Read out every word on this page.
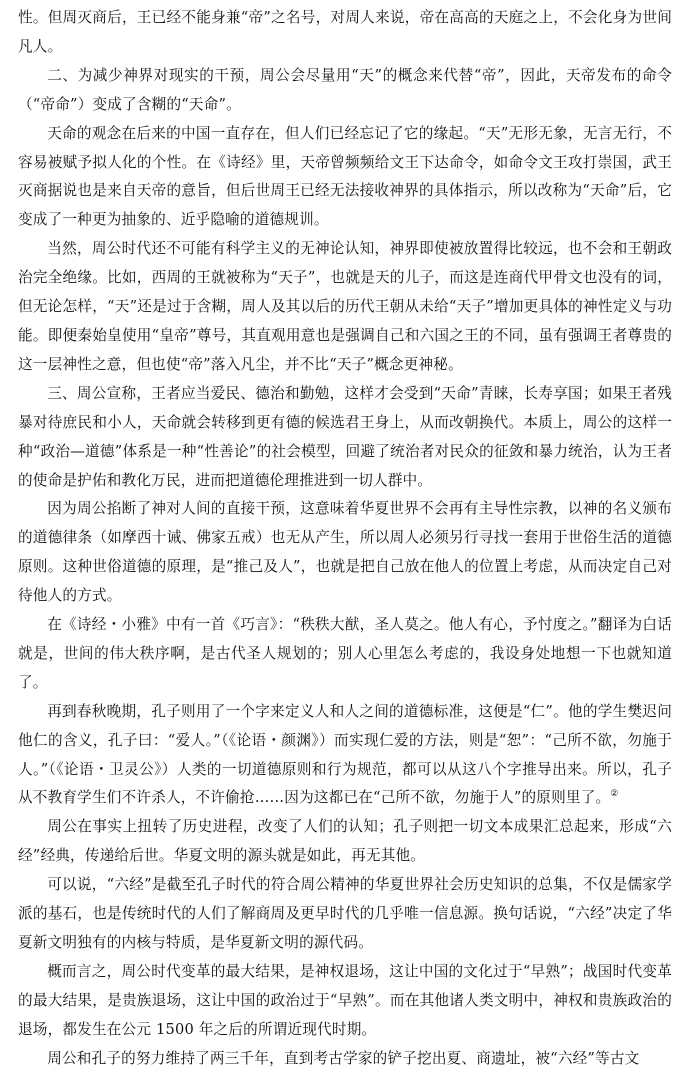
性。但周灭商后，王已经不能身兼“帝”之名号，对周人来说，帝在高高的天庭之上，不会化身为世间凡人。

二、为减少神界对现实的干预，周公会尽量用“天”的概念来代替“帝”，因此，天帝发布的命令（“帝命”）变成了含糊的“天命”。

天命的观念在后来的中国一直存在，但人们已经忘记了它的缘起。“天”无形无象，无言无行，不容易被赋予拟人化的个性。在《诗经》里，天帝曾频频给文王下达命令，如命令文王攻打崇国，武王灭商据说也是来自天帝的意旨，但后世周王已经无法接收神界的具体指示，所以改称为“天命”后，它变成了一种更为抽象的、近乎隐喻的道德规训。

当然，周公时代还不可能有科学主义的无神论认知，神界即使被放置得比较远，也不会和王朝政治完全绝缘。比如，西周的王就被称为“天子”，也就是天的儿子，而这是连商代甲骨文也没有的词，但无论怎样，“天”还是过于含糊，周人及其以后的历代王朝从未给“天子”增加更具体的神性定义与功能。即便秦始皇使用“皇帝”尊号，其直观用意也是强调自己和六国之王的不同，虽有强调王者尊贵的这一层神性之意，但也使“帝”落入凡尘，并不比“天子”概念更神秘。

三、周公宣称，王者应当爱民、德治和勤勉，这样才会受到“天命”青睐，长寿享国；如果王者残暴对待庶民和小人，天命就会转移到更有德的候选君王身上，从而改朝换代。本质上，周公的这样一种“政治—道德”体系是一种“性善论”的社会模型，回避了统治者对民众的征敛和暴力统治，认为王者的使命是护佑和教化万民，进而把道德伦理推进到一切人群中。

因为周公掐断了神对人间的直接干预，这意味着华夏世界不会再有主导性宗教，以神的名义颁布的道德律条（如摩西十诫、佛家五戒）也无从产生，所以周人必须另行寻找一套用于世俗生活的道德原则。这种世俗道德的原理，是“推己及人”，也就是把自己放在他人的位置上考虑，从而决定自己对待他人的方式。

在《诗经・小雅》中有一首《巧言》：“秩秩大猷，圣人莫之。他人有心，予忖度之。”翻译为白话就是，世间的伟大秩序啊，是古代圣人规划的；别人心里怎么考虑的，我设身处地想一下也就知道了。

再到春秋晚期，孔子则用了一个字来定义人和人之间的道德标准，这便是“仁”。他的学生樊迟问他仁的含义，孔子曰：“爱人。”（《论语・颜渊》）而实现仁爱的方法，则是“恕”：“己所不欲，勿施于人。”（《论语・卫灵公》）人类的一切道德原则和行为规范，都可以从这八个字推导出来。所以，孔子从不教育学生们不许杀人，不许偷抢……因为这都已在“己所不欲，勿施于人”的原则里了。②

周公在事实上扭转了历史进程，改变了人们的认知；孔子则把一切文本成果汇总起来，形成“六经”经典，传递给后世。华夏文明的源头就是如此，再无其他。

可以说，“六经”是截至孔子时代的符合周公精神的华夏世界社会历史知识的总集，不仅是儒家学派的基石，也是传统时代的人们了解商周及更早时代的几乎唯一信息源。换句话说，“六经”决定了华夏新文明独有的内核与特质，是华夏新文明的源代码。

概而言之，周公时代变革的最大结果，是神权退场，这让中国的文化过于“早熟”；战国时代变革的最大结果，是贵族退场，这让中国的政治过于“早熟”。而在其他诸人类文明中，神权和贵族政治的退场，都发生在公元 1500 年之后的所谓近现代时期。

周公和孔子的努力维持了两三千年，直到考古学家的铲子挖出夏、商遗址，被“六经”等古文
